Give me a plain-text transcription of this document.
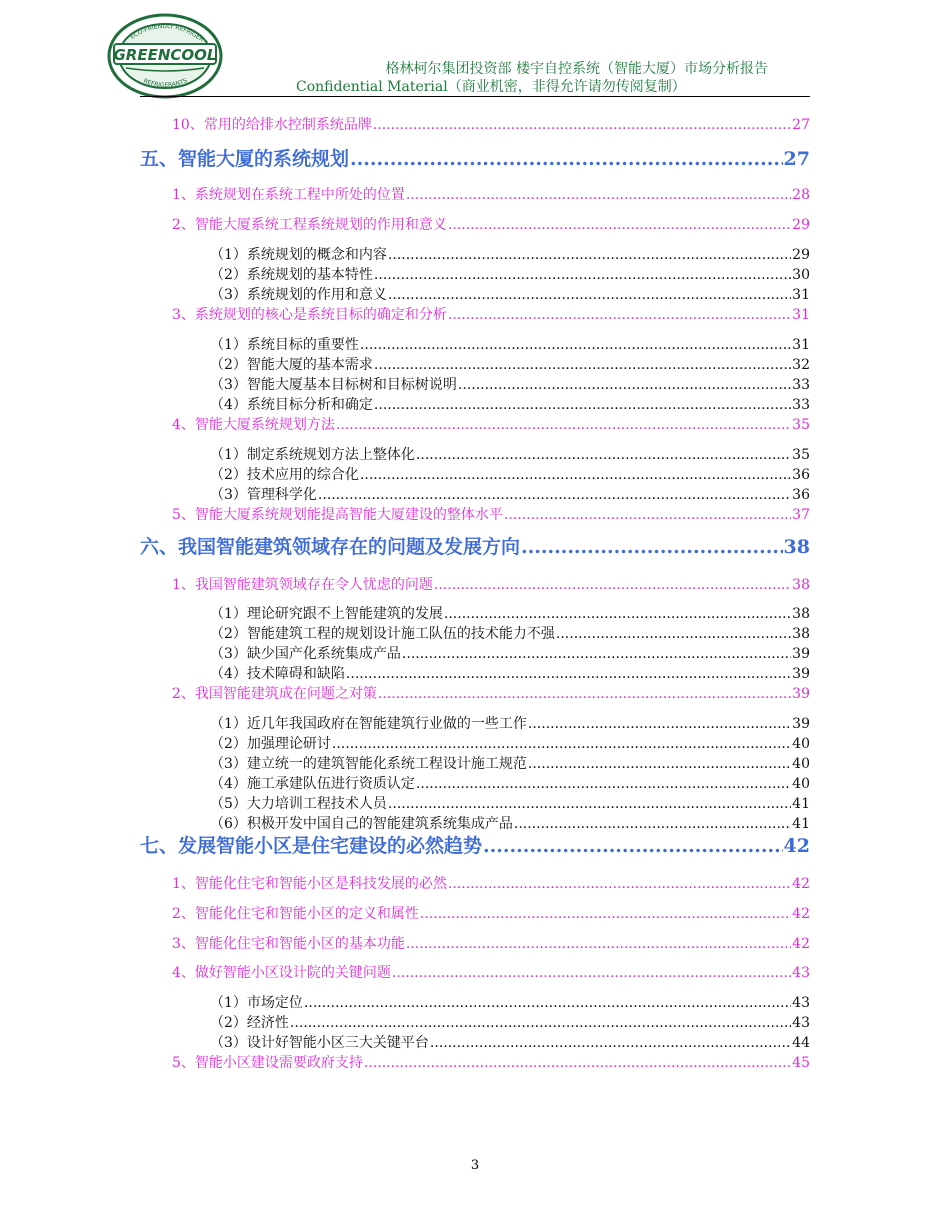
GREENCOOL
ECO-FRIENDLY REFRIGER
REFRIGERANTS
格林柯尔集团投资部 楼宇自控系统（智能大厦）市场分析报告
Confidential Material（商业机密，非得允许请勿传阅复制）
10、常用的给排水控制系统品牌 .....	27
五、智能大厦的系统规划 .....	27
1、系统规划在系统工程中所处的位置 .....	28
2、智能大厦系统工程系统规划的作用和意义 .....	29
（1）系统规划的概念和内容 .....	29
（2）系统规划的基本特性 .....	30
（3）系统规划的作用和意义 .....	31
3、系统规划的核心是系统目标的确定和分析 .....	31
（1）系统目标的重要性 .....	31
（2）智能大厦的基本需求 .....	32
（3）智能大厦基本目标树和目标树说明 .....	33
（4）系统目标分析和确定 .....	33
4、智能大厦系统规划方法 .....	35
（1）制定系统规划方法上整体化 .....	35
（2）技术应用的综合化 .....	36
（3）管理科学化 .....	36
5、智能大厦系统规划能提高智能大厦建设的整体水平 .....	37
六、我国智能建筑领域存在的问题及发展方向 .....	38
1、我国智能建筑领域存在令人忧虑的问题 .....	38
（1）理论研究跟不上智能建筑的发展 .....	38
（2）智能建筑工程的规划设计施工队伍的技术能力不强 .....	38
（3）缺少国产化系统集成产品 .....	39
（4）技术障碍和缺陷 .....	39
2、我国智能建筑成在问题之对策 .....	39
（1）近几年我国政府在智能建筑行业做的一些工作 .....	39
（2）加强理论研讨 .....	40
（3）建立统一的建筑智能化系统工程设计施工规范 .....	40
（4）施工承建队伍进行资质认定 .....	40
（5）大力培训工程技术人员 .....	41
（6）积极开发中国自己的智能建筑系统集成产品 .....	41
七、发展智能小区是住宅建设的必然趋势 .....	42
1、智能化住宅和智能小区是科技发展的必然 .....	42
2、智能化住宅和智能小区的定义和属性 .....	42
3、智能化住宅和智能小区的基本功能 .....	42
4、做好智能小区设计院的关键问题 .....	43
（1）市场定位 .....	43
（2）经济性 .....	43
（3）设计好智能小区三大关键平台 .....	44
5、智能小区建设需要政府支持 .....	45
3
